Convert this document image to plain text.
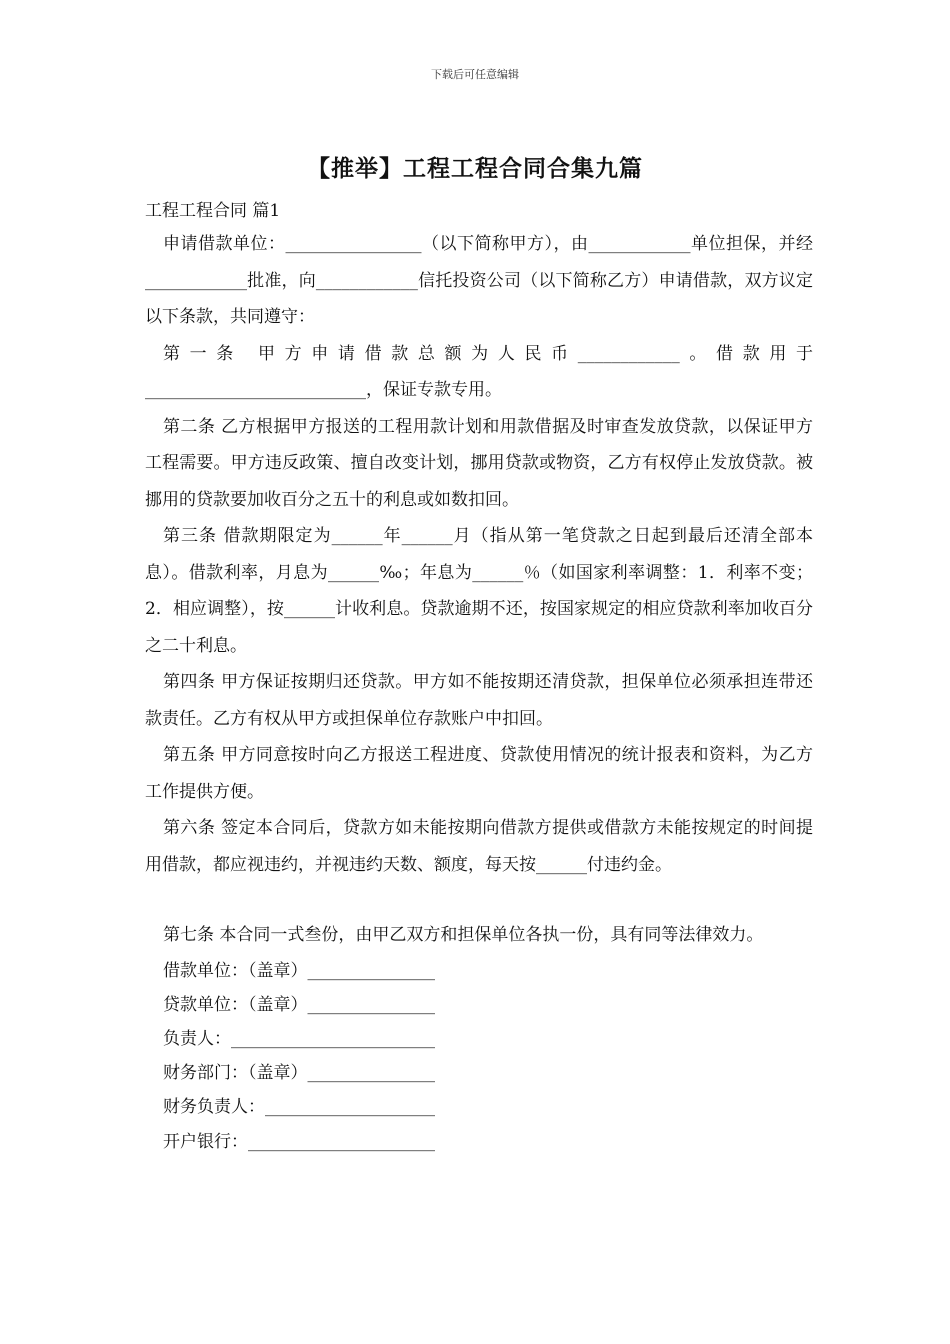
下载后可任意编辑
【推举】工程工程合同合集九篇
工程工程合同 篇1

申请借款单位：________________（以下简称甲方），由____________单位担保，并经____________批准，向____________信托投资公司（以下简称乙方）申请借款，双方议定以下条款，共同遵守：

第一条 甲方申请借款总额为人民币____________。借款用于 __________________________，保证专款专用。

第二条 乙方根据甲方报送的工程用款计划和用款借据及时审查发放贷款，以保证甲方工程需要。甲方违反政策、擅自改变计划，挪用贷款或物资，乙方有权停止发放贷款。被挪用的贷款要加收百分之五十的利息或如数扣回。

第三条 借款期限定为______年______月（指从第一笔贷款之日起到最后还清全部本息）。借款利率，月息为______‰；年息为______％（如国家利率调整：1．利率不变；2．相应调整），按______计收利息。贷款逾期不还，按国家规定的相应贷款利率加收百分之二十利息。

第四条 甲方保证按期归还贷款。甲方如不能按期还清贷款，担保单位必须承担连带还款责任。乙方有权从甲方或担保单位存款账户中扣回。

第五条 甲方同意按时向乙方报送工程进度、贷款使用情况的统计报表和资料，为乙方工作提供方便。

第六条 签定本合同后，贷款方如未能按期向借款方提供或借款方未能按规定的时间提用借款，都应视违约，并视违约天数、额度，每天按______付违约金。

第七条 本合同一式叁份，由甲乙双方和担保单位各执一份，具有同等法律效力。

借款单位：（盖章）_______________
贷款单位：（盖章）_______________
负责人：________________________
财务部门：（盖章）_______________
财务负责人：____________________
开户银行：______________________
